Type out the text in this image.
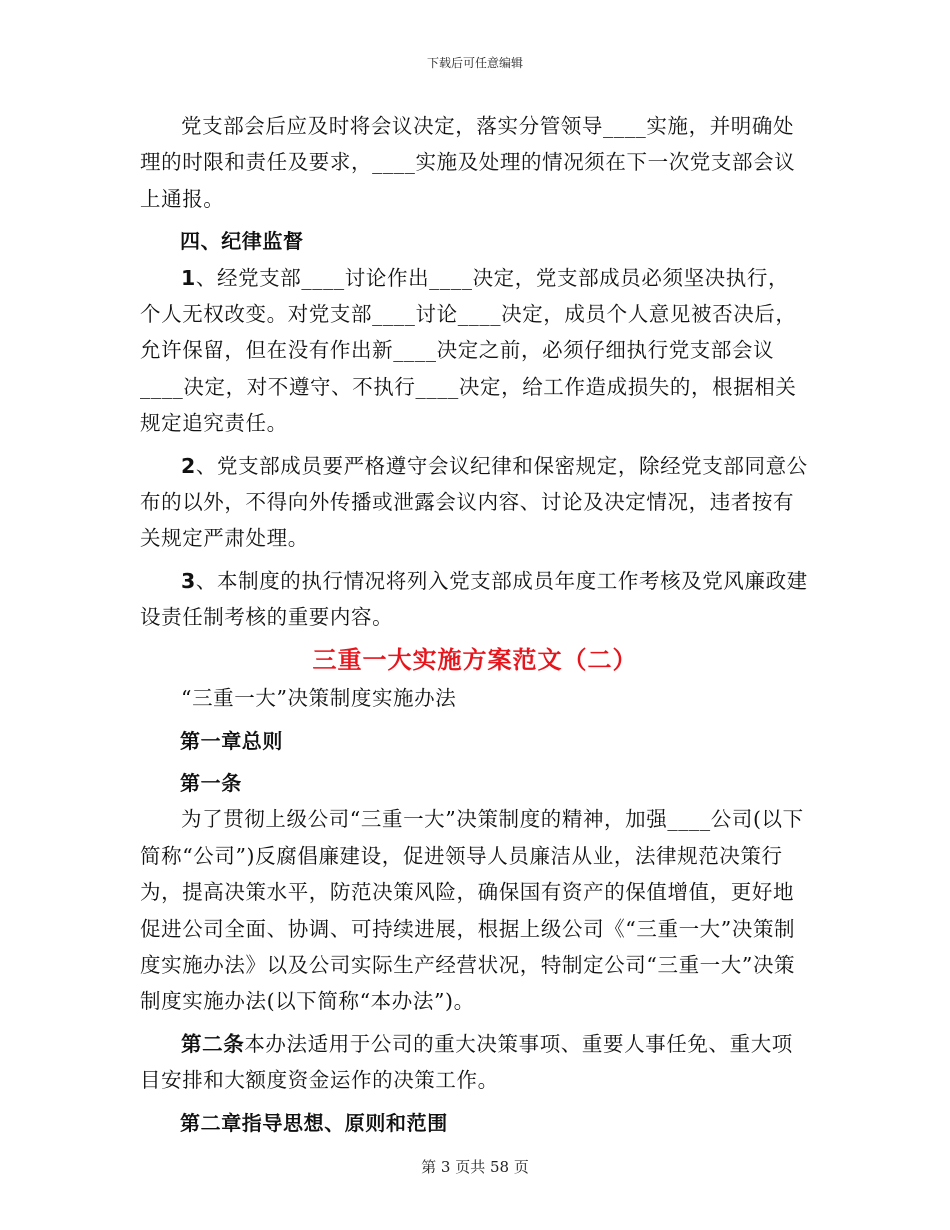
下载后可任意编辑

党支部会后应及时将会议决定，落实分管领导____实施，并明确处理的时限和责任及要求，____实施及处理的情况须在下一次党支部会议上通报。

四、纪律监督

1、经党支部____讨论作出____决定，党支部成员必须坚决执行，个人无权改变。对党支部____讨论____决定，成员个人意见被否决后，允许保留，但在没有作出新____决定之前，必须仔细执行党支部会议____决定，对不遵守、不执行____决定，给工作造成损失的，根据相关规定追究责任。

2、党支部成员要严格遵守会议纪律和保密规定，除经党支部同意公布的以外，不得向外传播或泄露会议内容、讨论及决定情况，违者按有关规定严肃处理。

3、本制度的执行情况将列入党支部成员年度工作考核及党风廉政建设责任制考核的重要内容。

三重一大实施方案范文（二）

“三重一大”决策制度实施办法

第一章总则

第一条

为了贯彻上级公司“三重一大”决策制度的精神，加强____公司(以下简称“公司”)反腐倡廉建设，促进领导人员廉洁从业，法律规范决策行为，提高决策水平，防范决策风险，确保国有资产的保值增值，更好地促进公司全面、协调、可持续进展，根据上级公司《“三重一大”决策制度实施办法》以及公司实际生产经营状况，特制定公司“三重一大”决策制度实施办法(以下简称“本办法”)。

第二条本办法适用于公司的重大决策事项、重要人事任免、重大项目安排和大额度资金运作的决策工作。

第二章指导思想、原则和范围

第 3 页共 58 页
